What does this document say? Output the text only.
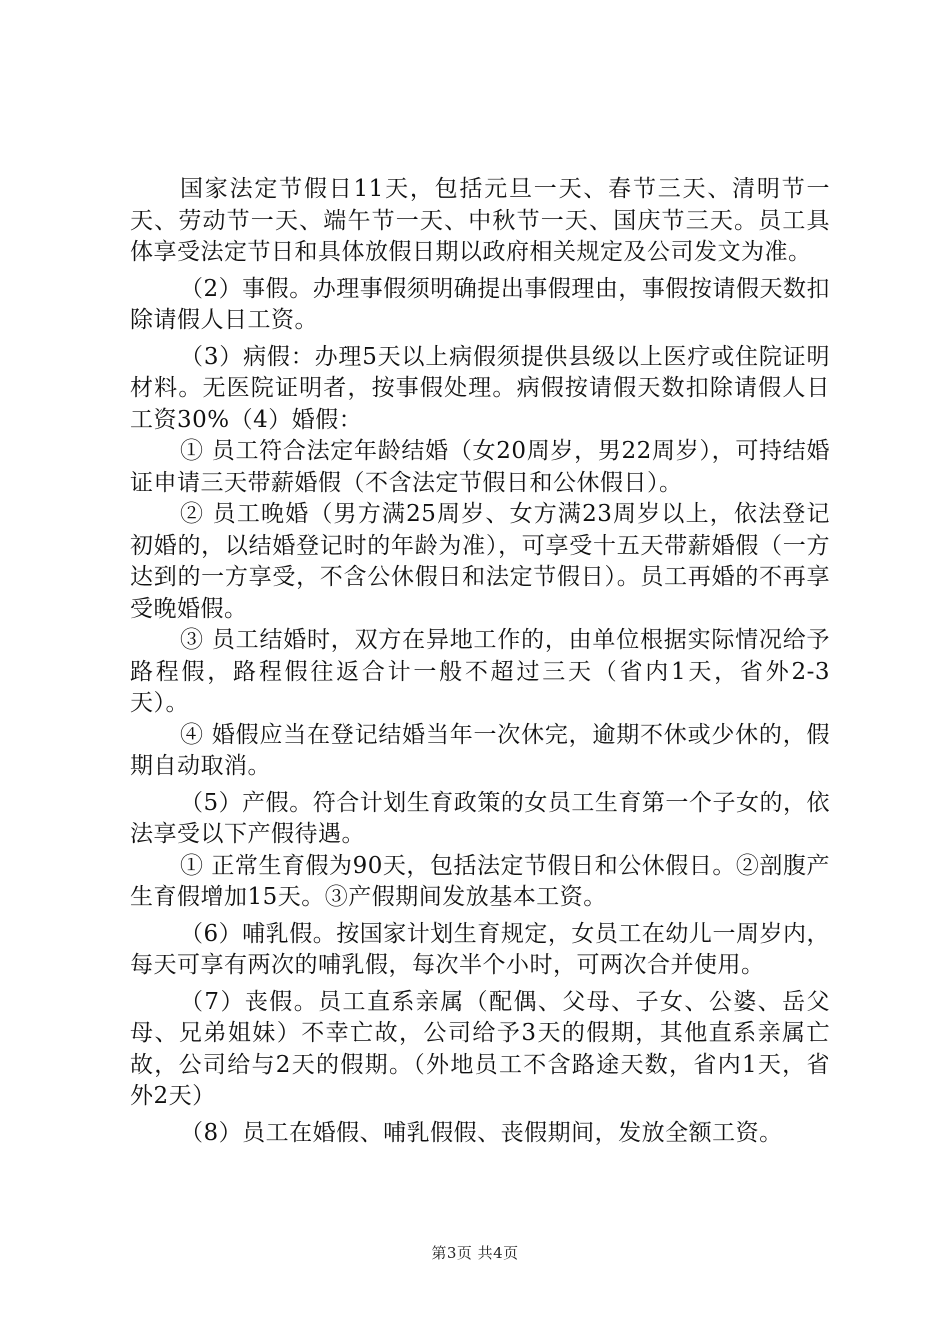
国家法定节假日11天，包括元旦一天、春节三天、清明节一天、劳动节一天、端午节一天、中秋节一天、国庆节三天。员工具体享受法定节日和具体放假日期以政府相关规定及公司发文为准。

（2）事假。办理事假须明确提出事假理由，事假按请假天数扣除请假人日工资。

（3）病假：办理5天以上病假须提供县级以上医疗或住院证明材料。无医院证明者，按事假处理。病假按请假天数扣除请假人日工资30%（4）婚假：

① 员工符合法定年龄结婚（女20周岁，男22周岁），可持结婚证申请三天带薪婚假（不含法定节假日和公休假日）。

② 员工晚婚（男方满25周岁、女方满23周岁以上，依法登记初婚的，以结婚登记时的年龄为准），可享受十五天带薪婚假（一方达到的一方享受，不含公休假日和法定节假日）。员工再婚的不再享受晚婚假。

③ 员工结婚时，双方在异地工作的，由单位根据实际情况给予路程假，路程假往返合计一般不超过三天（省内1天，省外2-3天）。

④ 婚假应当在登记结婚当年一次休完，逾期不休或少休的，假期自动取消。

（5）产假。符合计划生育政策的女员工生育第一个子女的，依法享受以下产假待遇。

① 正常生育假为90天，包括法定节假日和公休假日。②剖腹产生育假增加15天。③产假期间发放基本工资。

（6）哺乳假。按国家计划生育规定，女员工在幼儿一周岁内，每天可享有两次的哺乳假，每次半个小时，可两次合并使用。

（7）丧假。员工直系亲属（配偶、父母、子女、公婆、岳父母、兄弟姐妹）不幸亡故，公司给予3天的假期，其他直系亲属亡故，公司给与2天的假期。（外地员工不含路途天数，省内1天，省外2天）

（8）员工在婚假、哺乳假假、丧假期间，发放全额工资。

第3页 共4页
